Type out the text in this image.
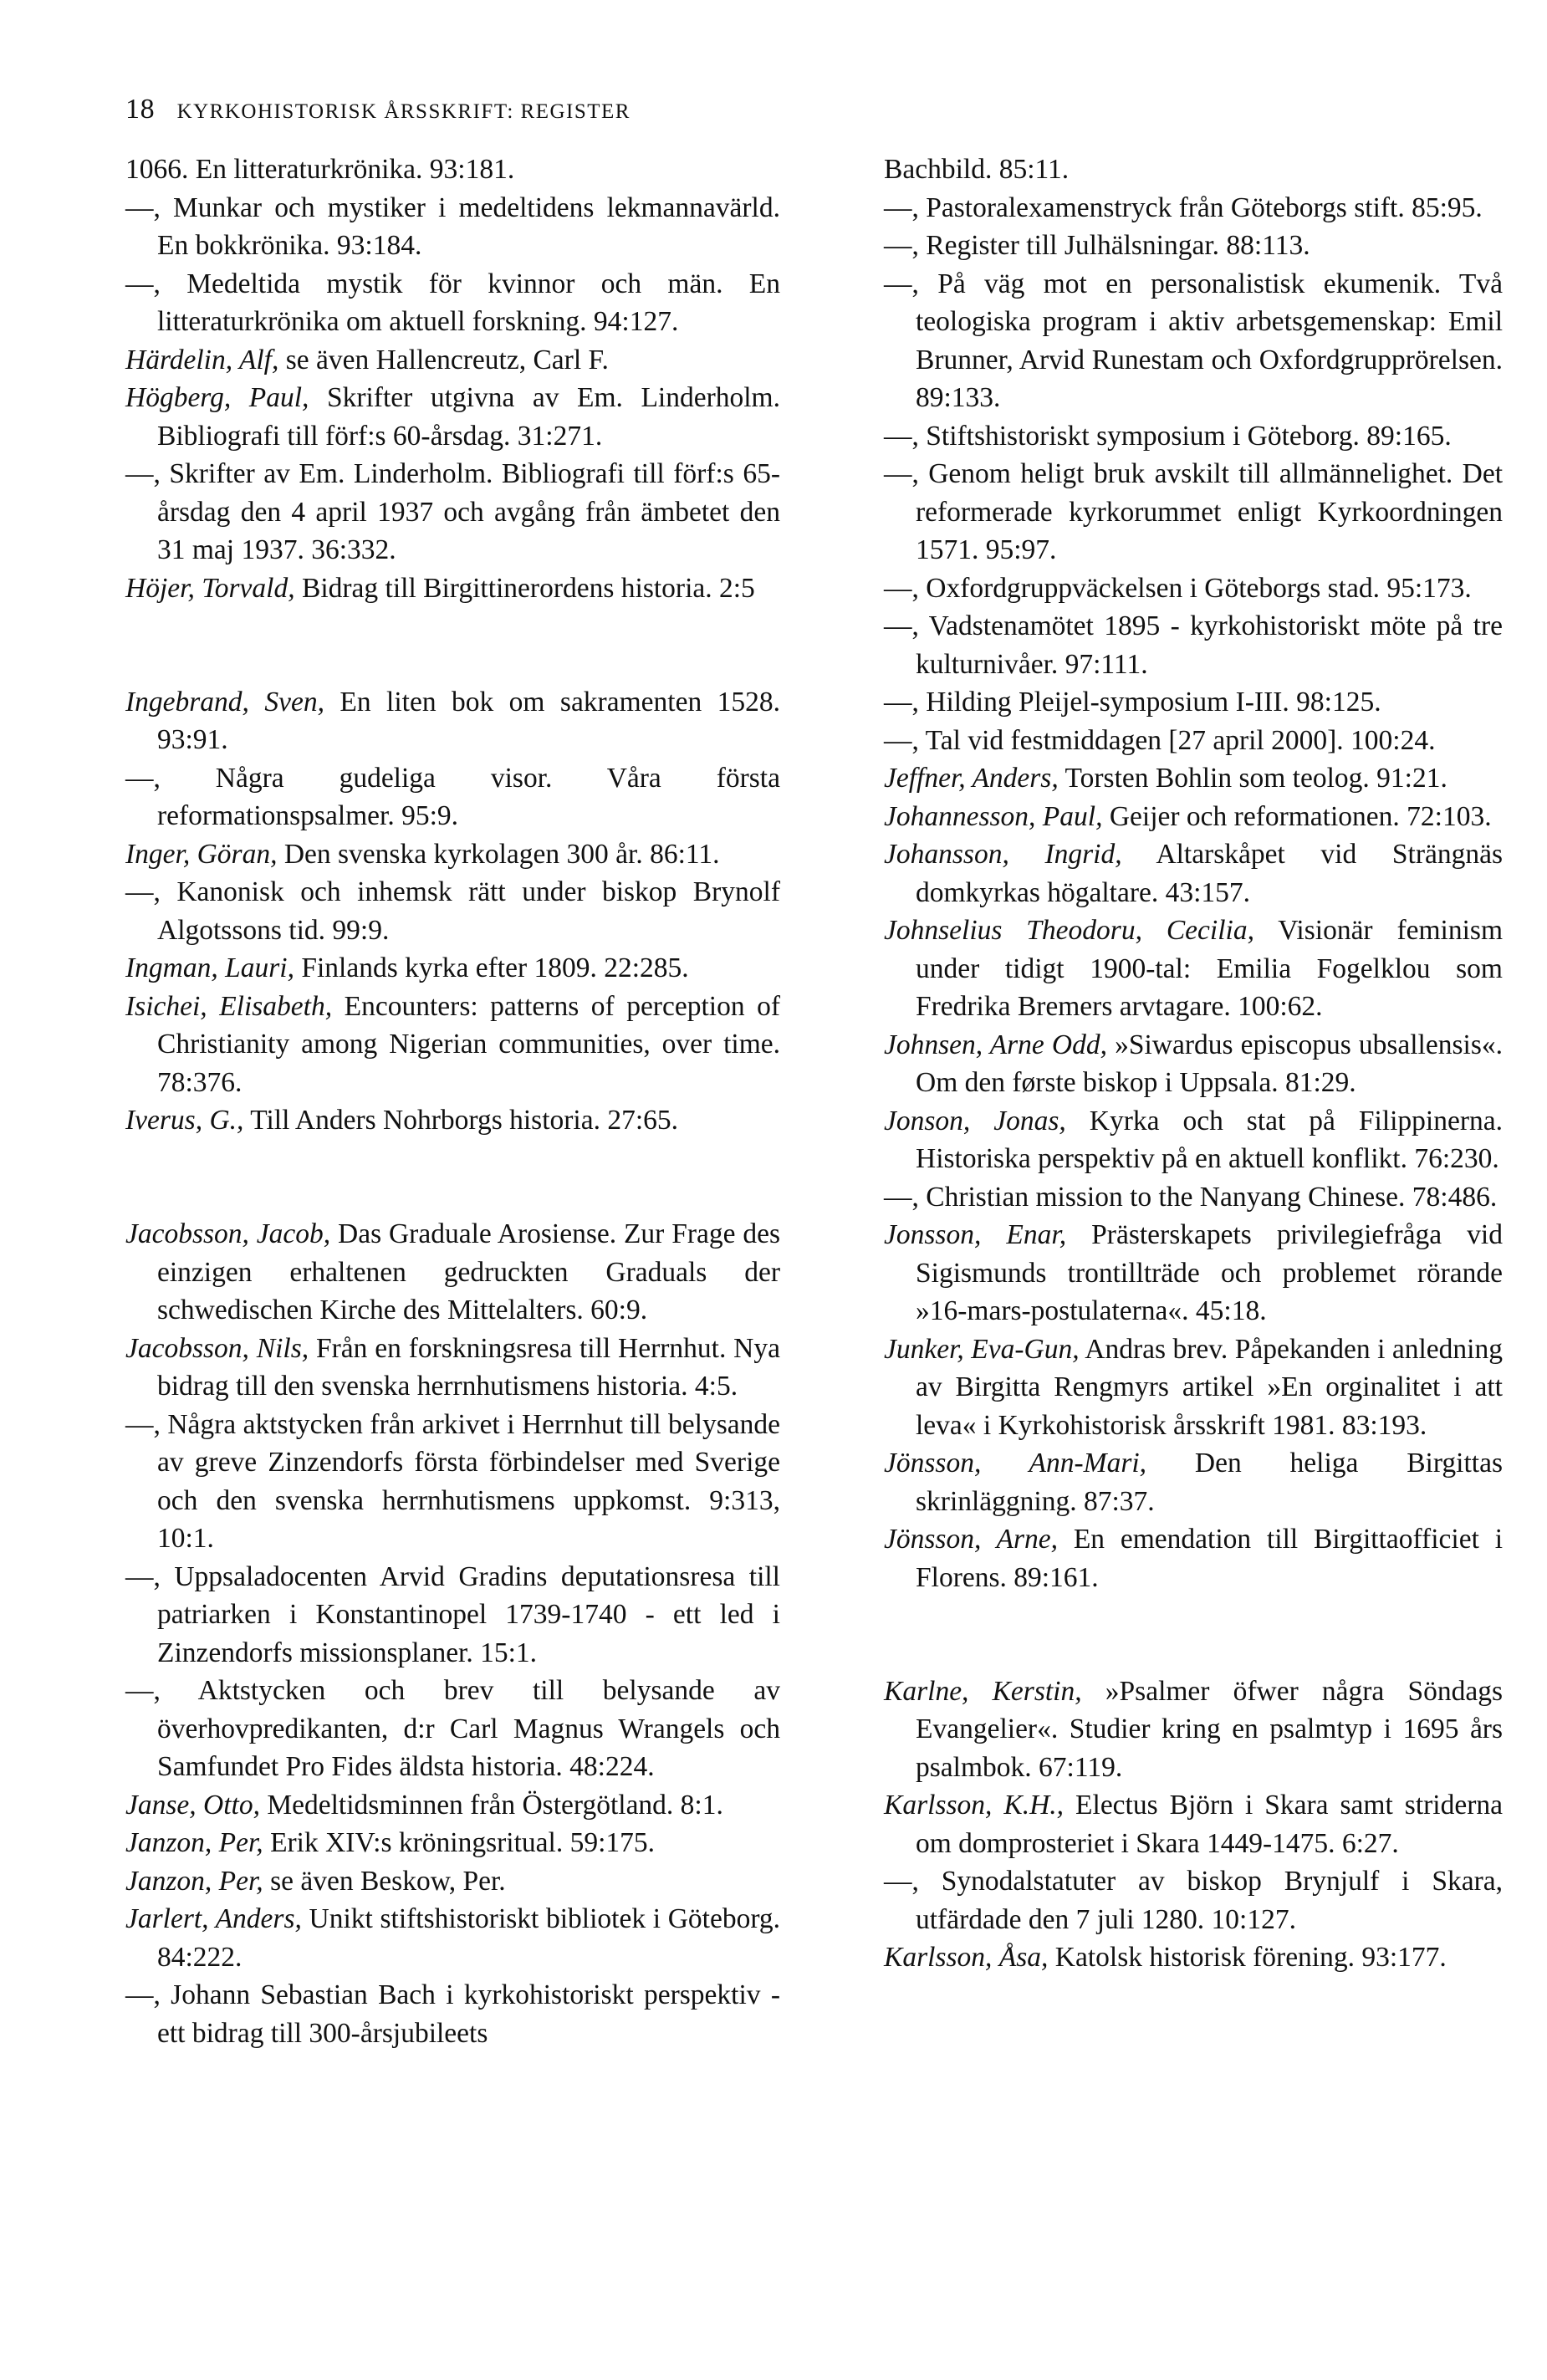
18 KYRKOHISTORISK ÅRSSKRIFT: REGISTER

1066. En litteraturkrönika. 93:181.

—, Munkar och mystiker i medeltidens lekmannavärld. En bokkrönika. 93:184.

—, Medeltida mystik för kvinnor och män. En litteraturkrönika om aktuell forskning. 94:127.

Härdelin, Alf, se även Hallencreutz, Carl F.

Högberg, Paul, Skrifter utgivna av Em. Linderholm. Bibliografi till förf:s 60-årsdag. 31:271.

—, Skrifter av Em. Linderholm. Bibliografi till förf:s 65-årsdag den 4 april 1937 och avgång från ämbetet den 31 maj 1937. 36:332.

Höjer, Torvald, Bidrag till Birgittinerordens historia. 2:5

Ingebrand, Sven, En liten bok om sakramenten 1528. 93:91.

—, Några gudeliga visor. Våra första reformationspsalmer. 95:9.

Inger, Göran, Den svenska kyrkolagen 300 år. 86:11.

—, Kanonisk och inhemsk rätt under biskop Brynolf Algotssons tid. 99:9.

Ingman, Lauri, Finlands kyrka efter 1809. 22:285.

Isichei, Elisabeth, Encounters: patterns of perception of Christianity among Nigerian communities, over time. 78:376.

Iverus, G., Till Anders Nohrborgs historia. 27:65.

Jacobsson, Jacob, Das Graduale Arosiense. Zur Frage des einzigen erhaltenen gedruckten Graduals der schwedischen Kirche des Mittelalters. 60:9.

Jacobsson, Nils, Från en forskningsresa till Herrnhut. Nya bidrag till den svenska herrnhutismens historia. 4:5.

—, Några aktstycken från arkivet i Herrnhut till belysande av greve Zinzendorfs första förbindelser med Sverige och den svenska herrnhutismens uppkomst. 9:313, 10:1.

—, Uppsaladocenten Arvid Gradins deputationsresa till patriarken i Konstantinopel 1739-1740 - ett led i Zinzendorfs missionsplaner. 15:1.

—, Aktstycken och brev till belysande av överhovpredikanten, d:r Carl Magnus Wrangels och Samfundet Pro Fides äldsta historia. 48:224.

Janse, Otto, Medeltidsminnen från Östergötland. 8:1.

Janzon, Per, Erik XIV:s kröningsritual. 59:175.

Janzon, Per, se även Beskow, Per.

Jarlert, Anders, Unikt stiftshistoriskt bibliotek i Göteborg. 84:222.

—, Johann Sebastian Bach i kyrkohistoriskt perspektiv - ett bidrag till 300-årsjubileets

Bachbild. 85:11.

—, Pastoralexamenstryck från Göteborgs stift. 85:95.

—, Register till Julhälsningar. 88:113.

—, På väg mot en personalistisk ekumenik. Två teologiska program i aktiv arbetsgemenskap: Emil Brunner, Arvid Runestam och Oxfordgrupprörelsen. 89:133.

—, Stiftshistoriskt symposium i Göteborg. 89:165.

—, Genom heligt bruk avskilt till allmännelighet. Det reformerade kyrkorummet enligt Kyrkoordningen 1571. 95:97.

—, Oxfordgruppväckelsen i Göteborgs stad. 95:173.

—, Vadstenamötet 1895 - kyrkohistoriskt möte på tre kulturnivåer. 97:111.

—, Hilding Pleijel-symposium I-III. 98:125.

—, Tal vid festmiddagen [27 april 2000]. 100:24.

Jeffner, Anders, Torsten Bohlin som teolog. 91:21.

Johannesson, Paul, Geijer och reformationen. 72:103.

Johansson, Ingrid, Altarskåpet vid Strängnäs domkyrkas högaltare. 43:157.

Johnselius Theodoru, Cecilia, Visionär feminism under tidigt 1900-tal: Emilia Fogelklou som Fredrika Bremers arvtagare. 100:62.

Johnsen, Arne Odd, »Siwardus episcopus ubsallensis«. Om den første biskop i Uppsala. 81:29.

Jonson, Jonas, Kyrka och stat på Filippinerna. Historiska perspektiv på en aktuell konflikt. 76:230.

—, Christian mission to the Nanyang Chinese. 78:486.

Jonsson, Enar, Prästerskapets privilegiefråga vid Sigismunds trontillträde och problemet rörande »16-mars-postulaterna«. 45:18.

Junker, Eva-Gun, Andras brev. Påpekanden i anledning av Birgitta Rengmyrs artikel »En orginalitet i att leva« i Kyrkohistorisk årsskrift 1981. 83:193.

Jönsson, Ann-Mari, Den heliga Birgittas skrinläggning. 87:37.

Jönsson, Arne, En emendation till Birgittaofficiet i Florens. 89:161.

Karlne, Kerstin, »Psalmer öfwer några Söndags Evangelier«. Studier kring en psalmtyp i 1695 års psalmbok. 67:119.

Karlsson, K.H., Electus Björn i Skara samt striderna om domprosteriet i Skara 1449-1475. 6:27.

—, Synodalstatuter av biskop Brynjulf i Skara, utfärdade den 7 juli 1280. 10:127.

Karlsson, Åsa, Katolsk historisk förening. 93:177.
